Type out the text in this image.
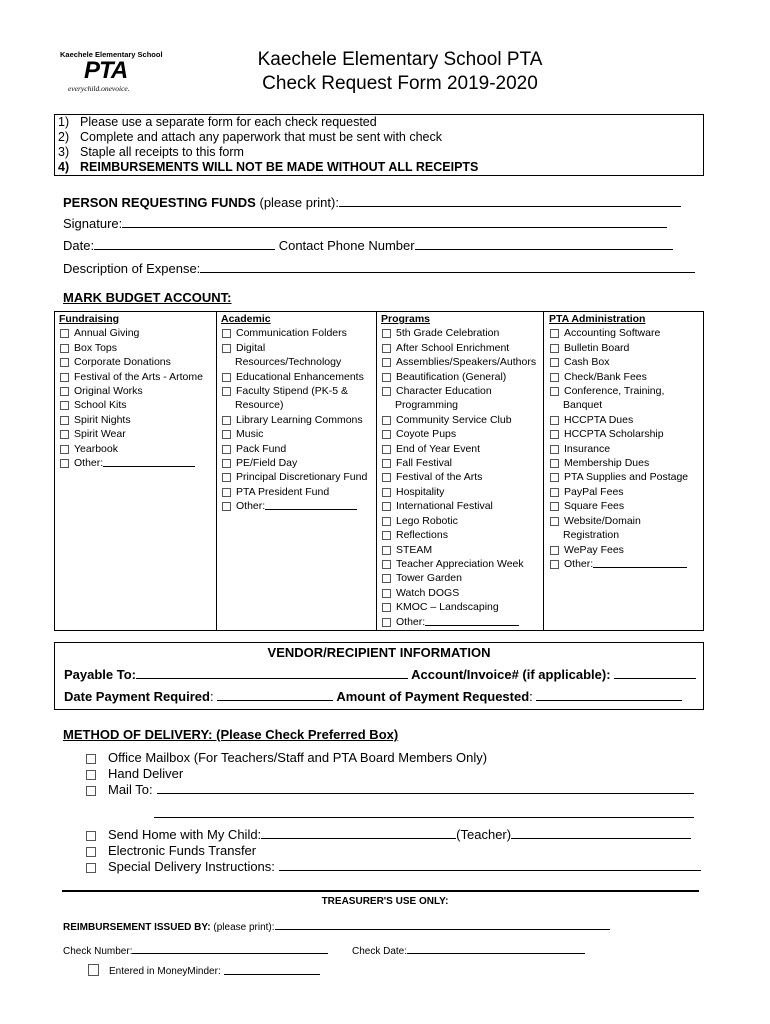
Kaechele Elementary School
PTA
everychild.onevoice.
Kaechele Elementary School PTA
Check Request Form 2019-2020
1) Please use a separate form for each check requested
2) Complete and attach any paperwork that must be sent with check
3) Staple all receipts to this form
4) REIMBURSEMENTS WILL NOT BE MADE WITHOUT ALL RECEIPTS
PERSON REQUESTING FUNDS (please print):
Signature:
Date:	Contact Phone Number
Description of Expense:
MARK BUDGET ACCOUNT:
Fundraising
Annual Giving
Box Tops
Corporate Donations
Festival of the Arts - Artome
Original Works
School Kits
Spirit Nights
Spirit Wear
Yearbook
Other:
Academic
Communication Folders
Digital
Resources/Technology
Educational Enhancements
Faculty Stipend (PK-5 &
Resource)
Library Learning Commons
Music
Pack Fund
PE/Field Day
Principal Discretionary Fund
PTA President Fund
Other:
Programs
5th Grade Celebration
After School Enrichment
Assemblies/Speakers/Authors
Beautification (General)
Character Education
Programming
Community Service Club
Coyote Pups
End of Year Event
Fall Festival
Festival of the Arts
Hospitality
International Festival
Lego Robotic
Reflections
STEAM
Teacher Appreciation Week
Tower Garden
Watch DOGS
KMOC – Landscaping
Other:
PTA Administration
Accounting Software
Bulletin Board
Cash Box
Check/Bank Fees
Conference, Training,
Banquet
HCCPTA Dues
HCCPTA Scholarship
Insurance
Membership Dues
PTA Supplies and Postage
PayPal Fees
Square Fees
Website/Domain
Registration
WePay Fees
Other:
VENDOR/RECIPIENT INFORMATION
Payable To:	Account/Invoice# (if applicable):
Date Payment Required:	Amount of Payment Requested:
METHOD OF DELIVERY: (Please Check Preferred Box)
Office Mailbox (For Teachers/Staff and PTA Board Members Only)
Hand Deliver
Mail To:
Send Home with My Child:	(Teacher)
Electronic Funds Transfer
Special Delivery Instructions:
TREASURER'S USE ONLY:
REIMBURSEMENT ISSUED BY: (please print):
Check Number:	Check Date:
Entered in MoneyMinder:
